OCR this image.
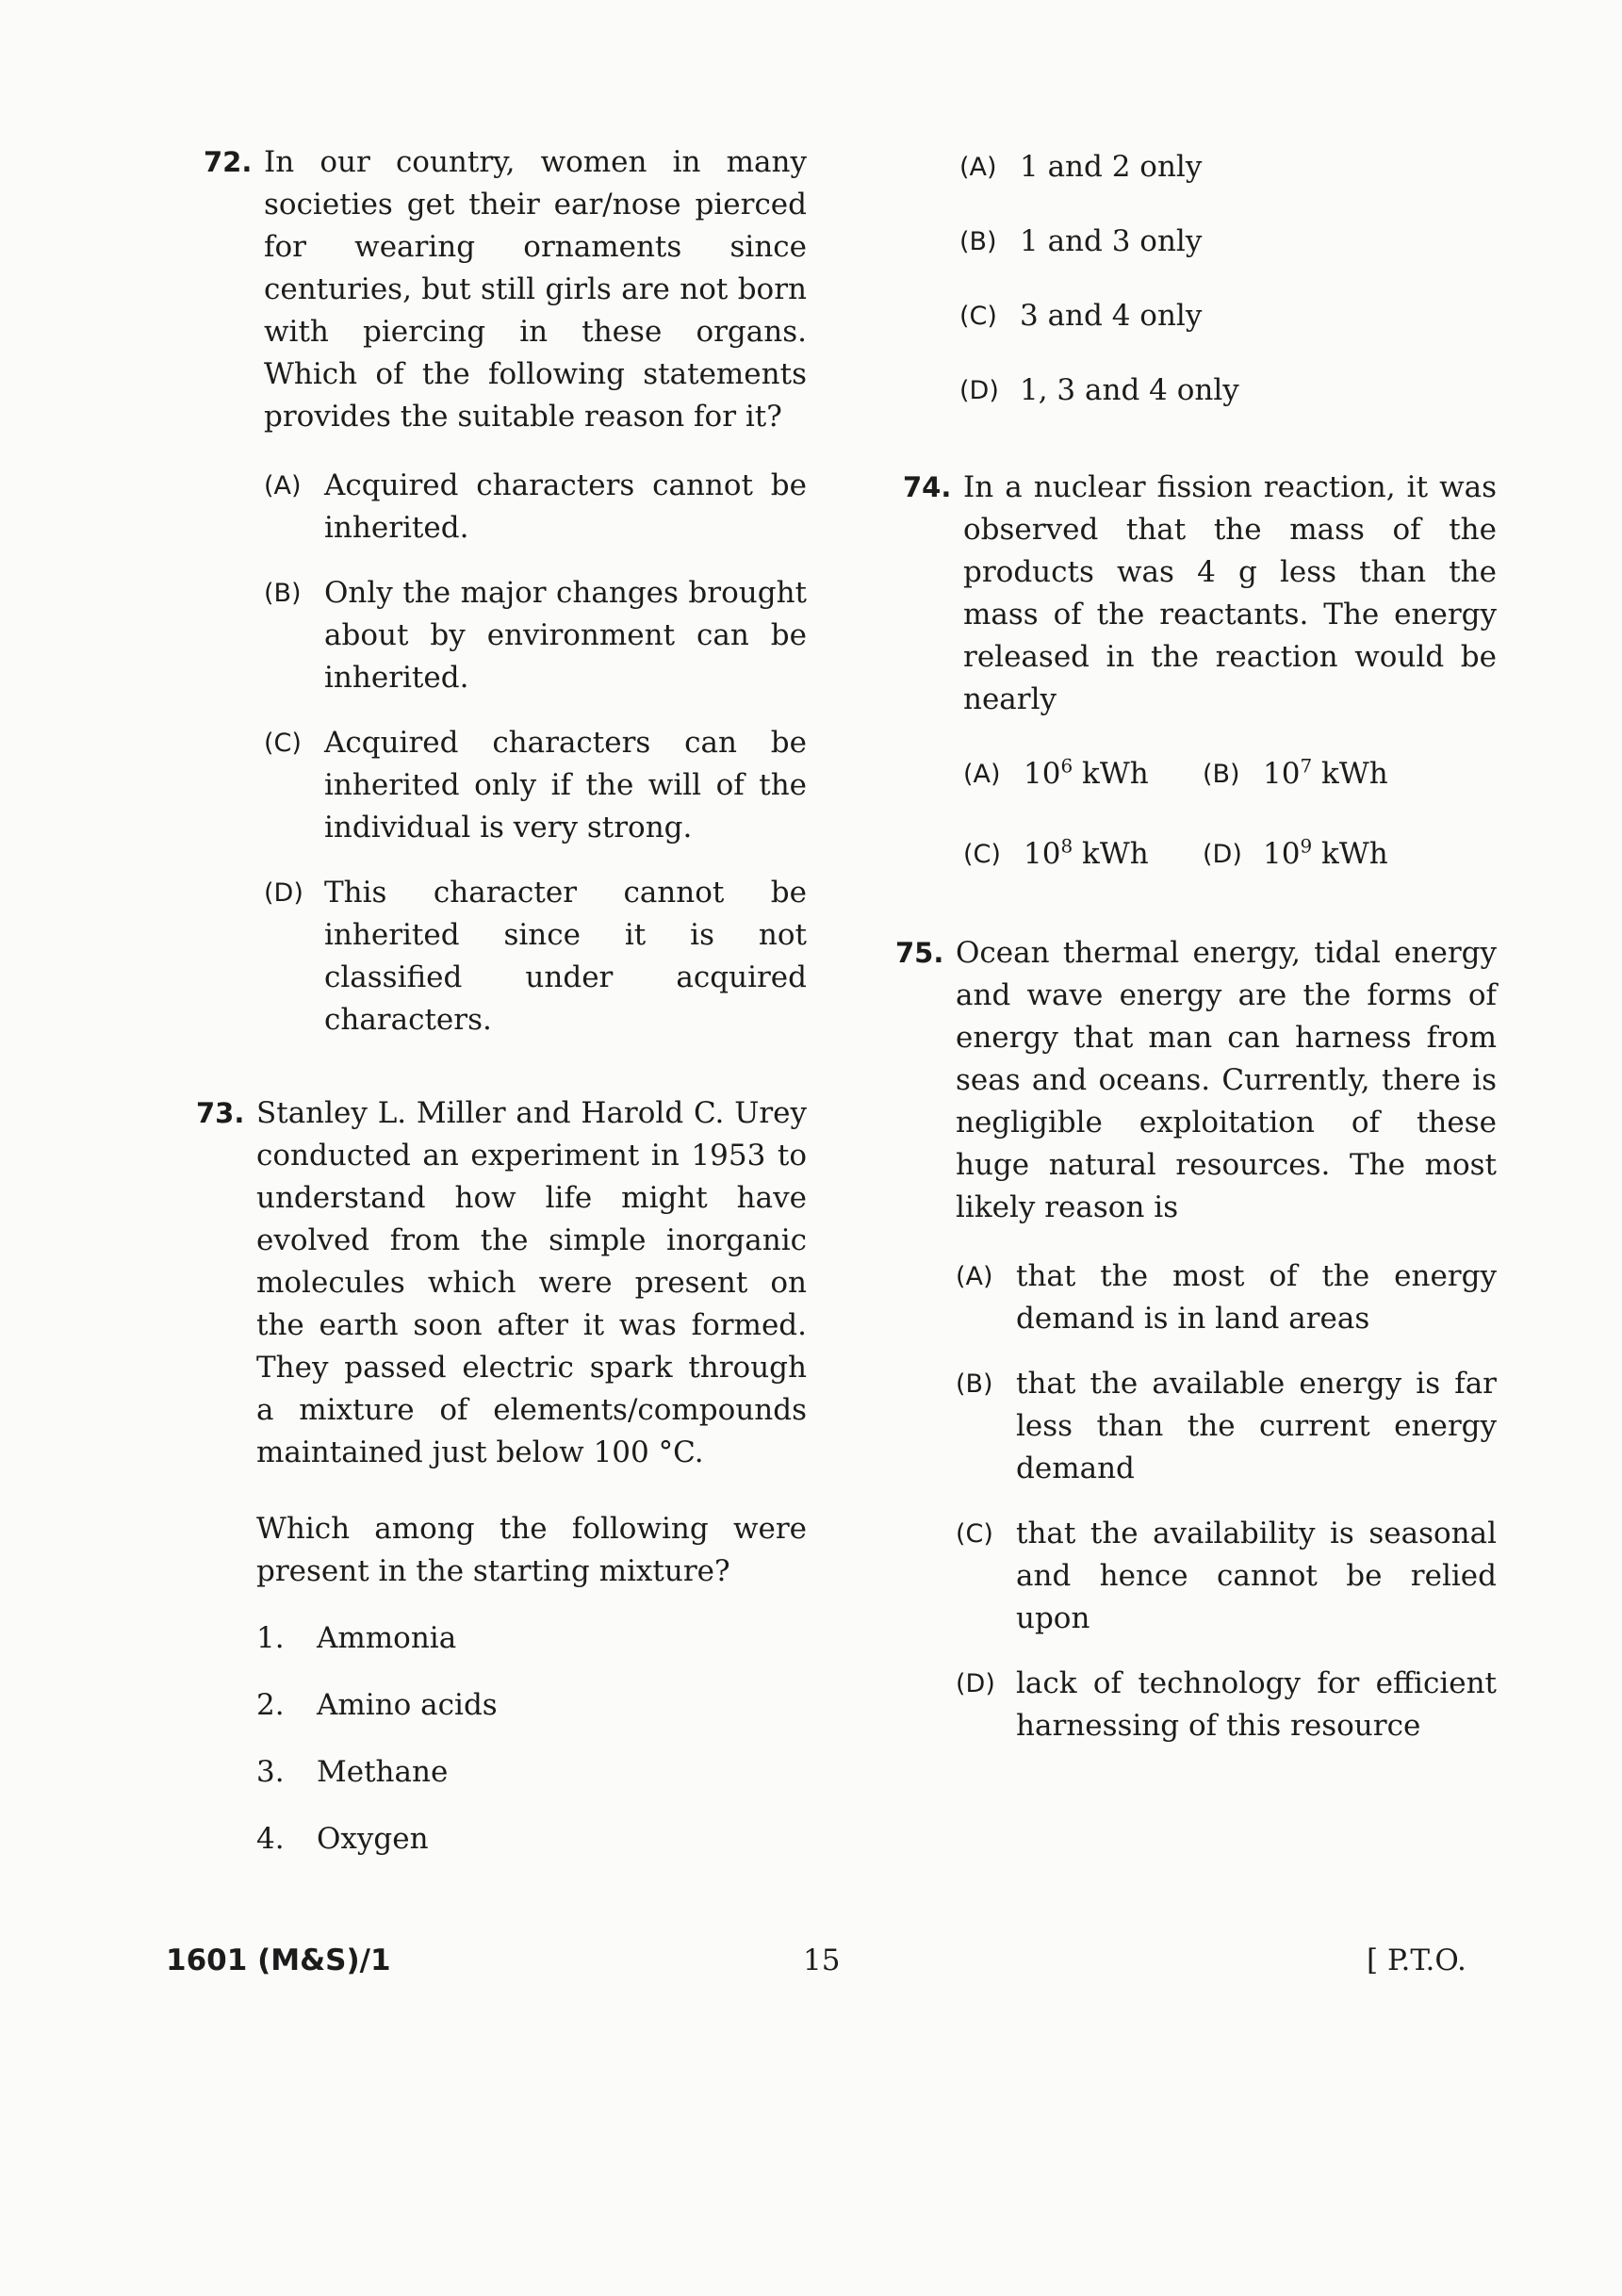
72. In our country, women in many societies get their ear/nose pierced for wearing ornaments since centuries, but still girls are not born with piercing in these organs. Which of the following statements provides the suitable reason for it?
(A) Acquired characters cannot be inherited.
(B) Only the major changes brought about by environment can be inherited.
(C) Acquired characters can be inherited only if the will of the individual is very strong.
(D) This character cannot be inherited since it is not classified under acquired characters.
73. Stanley L. Miller and Harold C. Urey conducted an experiment in 1953 to understand how life might have evolved from the simple inorganic molecules which were present on the earth soon after it was formed. They passed electric spark through a mixture of elements/compounds maintained just below 100 °C.
Which among the following were present in the starting mixture?
1. Ammonia
2. Amino acids
3. Methane
4. Oxygen
(A) 1 and 2 only
(B) 1 and 3 only
(C) 3 and 4 only
(D) 1, 3 and 4 only
74. In a nuclear fission reaction, it was observed that the mass of the products was 4 g less than the mass of the reactants. The energy released in the reaction would be nearly
(A) $10^6$ kWh	(B) $10^7$ kWh
(C) $10^8$ kWh	(D) $10^9$ kWh
75. Ocean thermal energy, tidal energy and wave energy are the forms of energy that man can harness from seas and oceans. Currently, there is negligible exploitation of these huge natural resources. The most likely reason is
(A) that the most of the energy demand is in land areas
(B) that the available energy is far less than the current energy demand
(C) that the availability is seasonal and hence cannot be relied upon
(D) lack of technology for efficient harnessing of this resource
1601 (M&S)/1	15	[ P.T.O.
